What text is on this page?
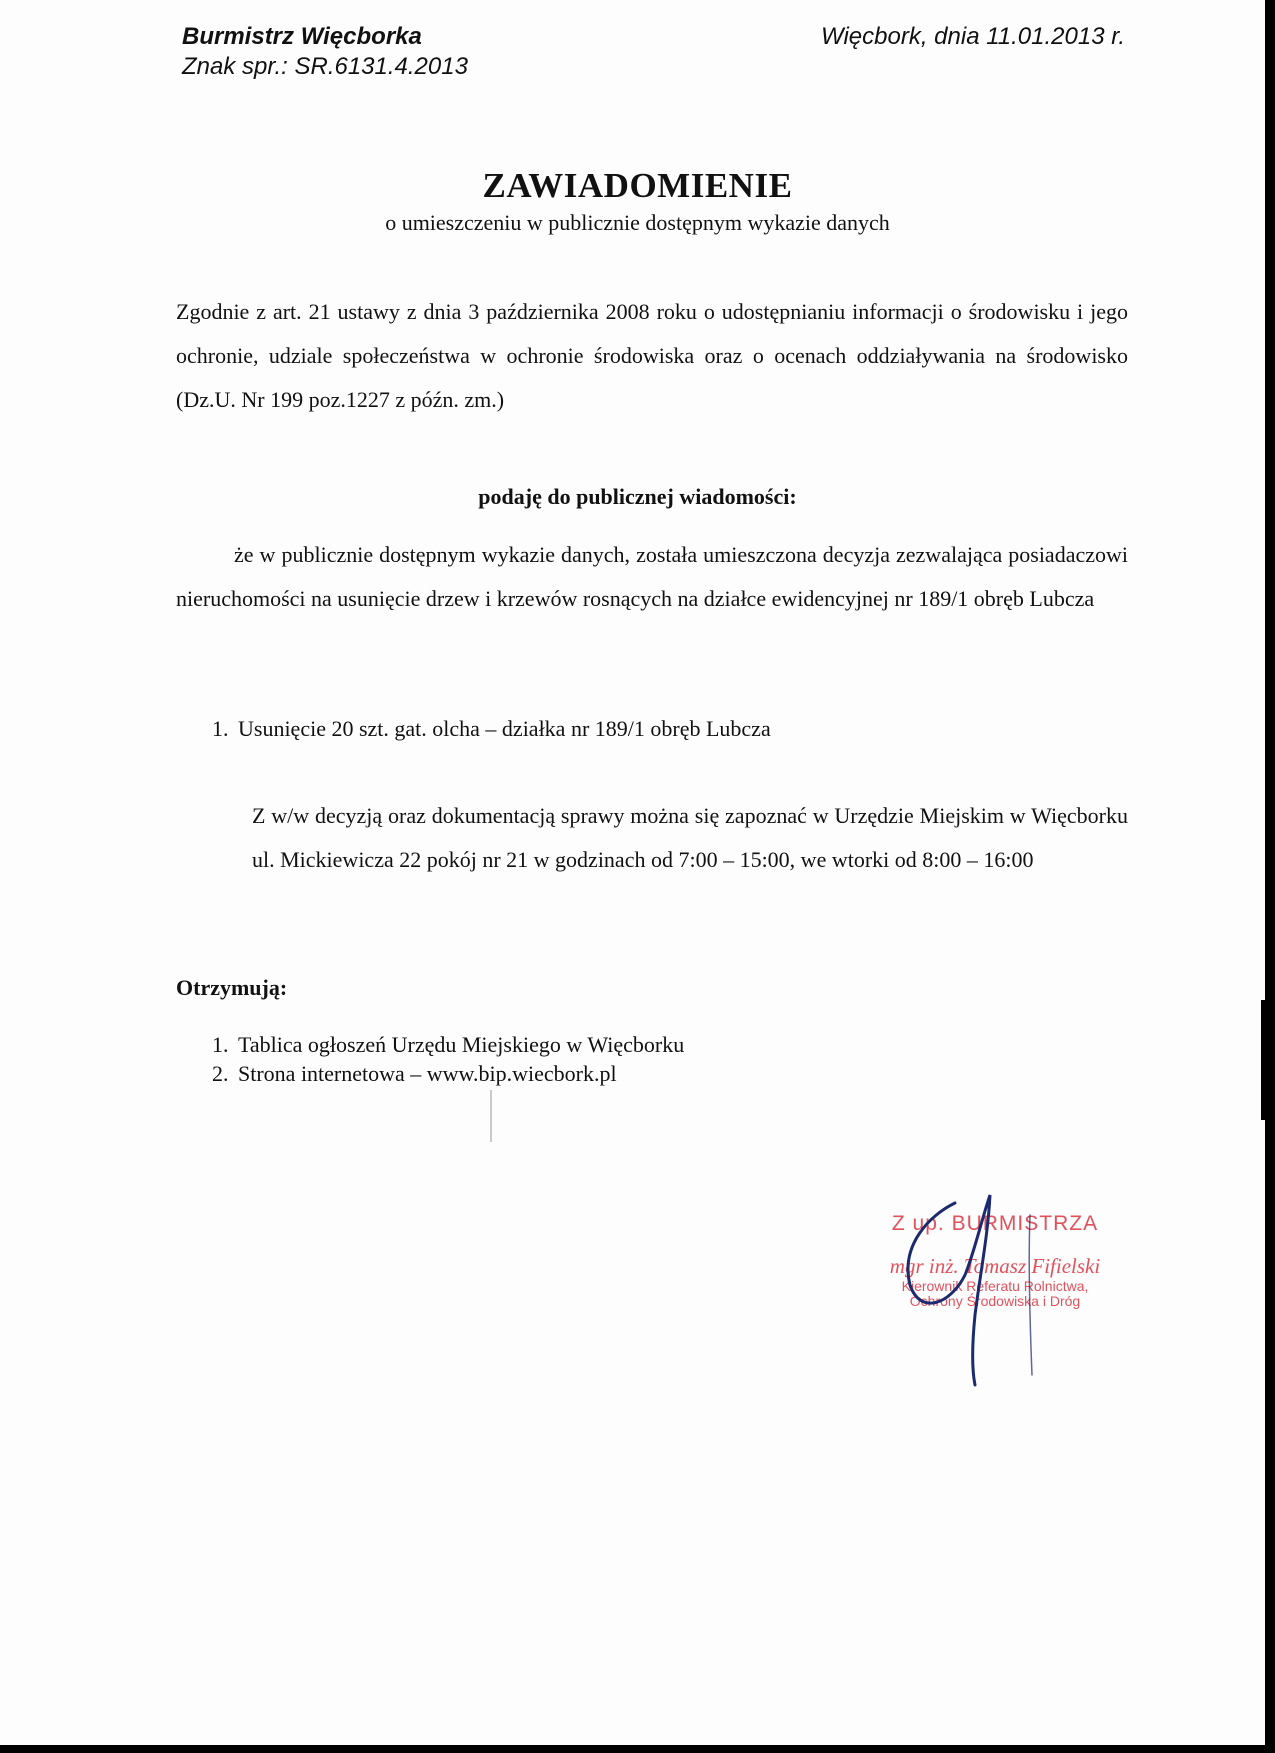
Burmistrz Więcborka
Znak spr.: SR.6131.4.2013
Więcbork, dnia 11.01.2013 r.
ZAWIADOMIENIE
o umieszczeniu w publicznie dostępnym wykazie danych
Zgodnie z art. 21 ustawy z dnia 3 października 2008 roku o udostępnianiu informacji o środowisku i jego ochronie, udziale społeczeństwa w ochronie środowiska oraz o ocenach oddziaływania na środowisko (Dz.U. Nr 199 poz.1227 z późn. zm.)
podaję do publicznej wiadomości:
że w publicznie dostępnym wykazie danych, została umieszczona decyzja zezwalająca posiadaczowi nieruchomości na usunięcie drzew i krzewów rosnących na działce ewidencyjnej nr 189/1 obręb Lubcza
1. Usunięcie 20 szt. gat. olcha – działka nr 189/1 obręb Lubcza
Z w/w decyzją oraz dokumentacją sprawy można się zapoznać w Urzędzie Miejskim w Więcborku ul. Mickiewicza 22 pokój nr 21 w godzinach od 7:00 – 15:00, we wtorki od 8:00 – 16:00
Otrzymują:
1. Tablica ogłoszeń Urzędu Miejskiego w Więcborku
2. Strona internetowa – www.bip.wiecbork.pl
Z up. BURMISTRZA
mgr inż. Tomasz Fifielski
Kierownik Referatu Rolnictwa,
Ochrony Środowiska i Dróg
